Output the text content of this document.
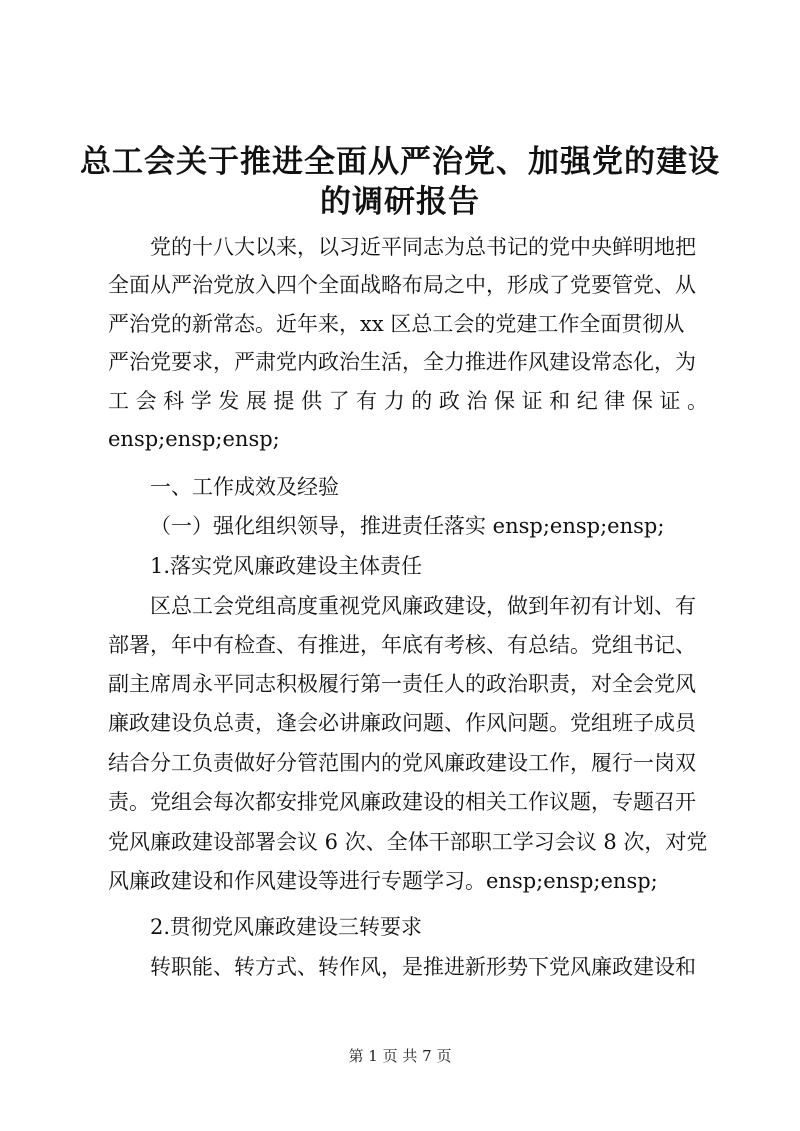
总工会关于推进全面从严治党、加强党的建设
的调研报告
党的十八大以来，以习近平同志为总书记的党中央鲜明地把
全面从严治党放入四个全面战略布局之中，形成了党要管党、从
严治党的新常态。近年来，xx 区总工会的党建工作全面贯彻从
严治党要求，严肃党内政治生活，全力推进作风建设常态化，为
工会科学发展提供了有力的政治保证和纪律保证。
ensp;ensp;ensp;
一、工作成效及经验
（一）强化组织领导，推进责任落实 ensp;ensp;ensp;
1.落实党风廉政建设主体责任
区总工会党组高度重视党风廉政建设，做到年初有计划、有
部署，年中有检查、有推进，年底有考核、有总结。党组书记、
副主席周永平同志积极履行第一责任人的政治职责，对全会党风
廉政建设负总责，逢会必讲廉政问题、作风问题。党组班子成员
结合分工负责做好分管范围内的党风廉政建设工作，履行一岗双
责。党组会每次都安排党风廉政建设的相关工作议题，专题召开
党风廉政建设部署会议 6 次、全体干部职工学习会议 8 次，对党
风廉政建设和作风建设等进行专题学习。ensp;ensp;ensp;
2.贯彻党风廉政建设三转要求
转职能、转方式、转作风，是推进新形势下党风廉政建设和
第 1 页 共 7 页
